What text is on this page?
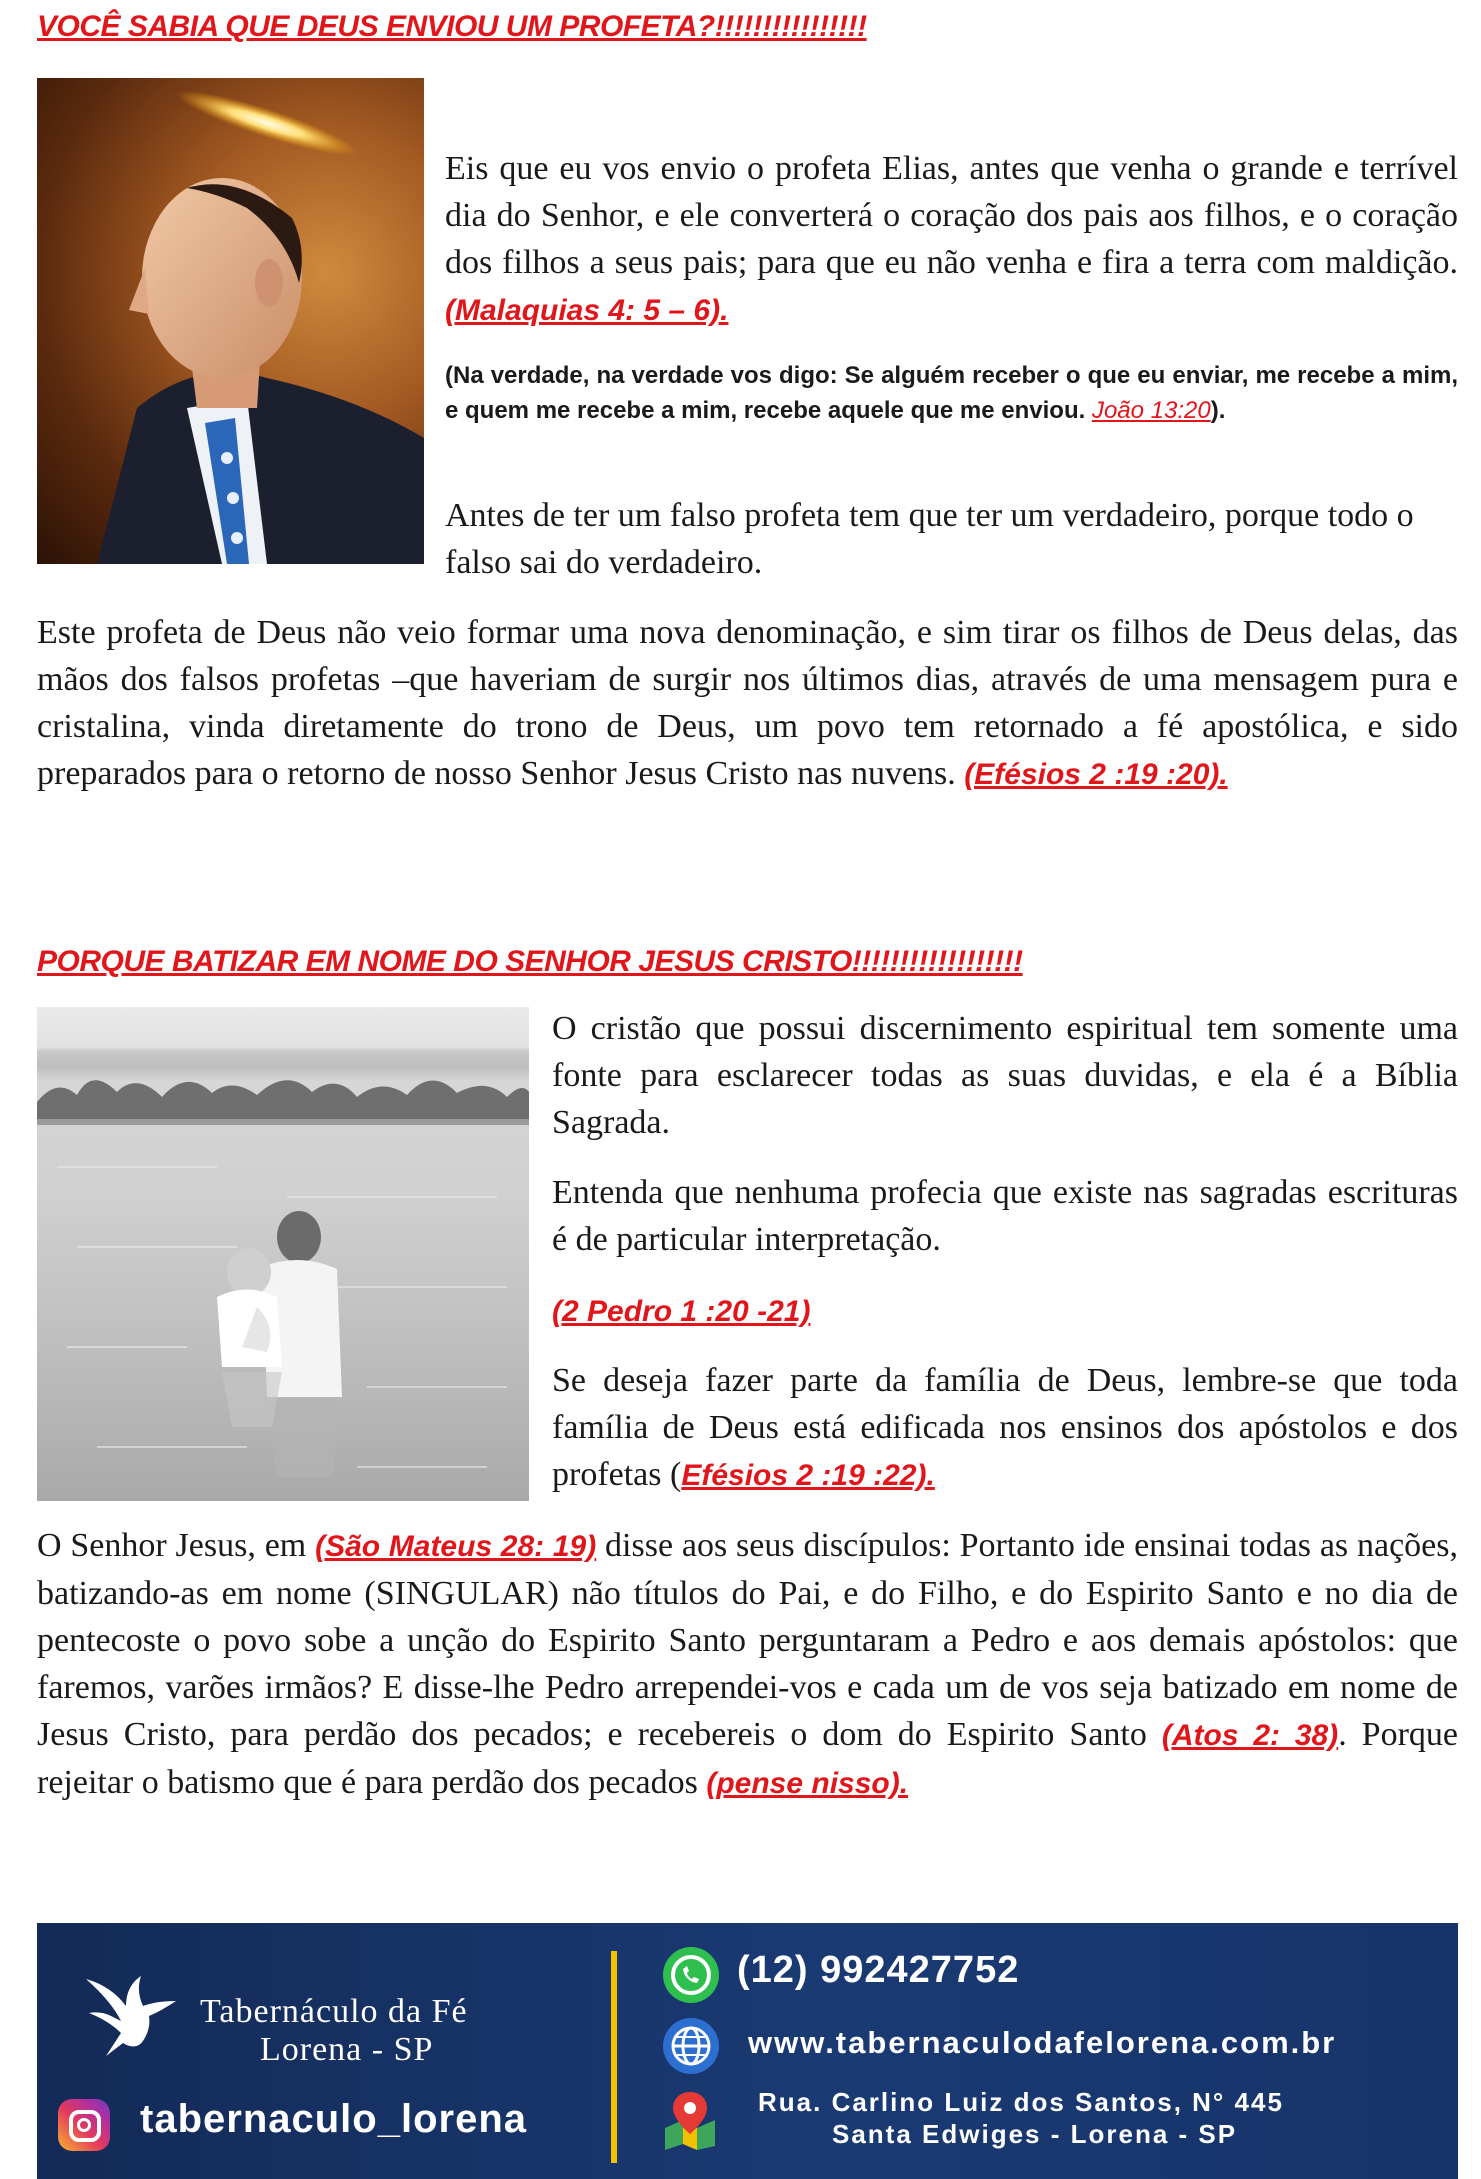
VOCÊ SABIA QUE DEUS ENVIOU UM PROFETA?!!!!!!!!!!!!!!!!

Eis que eu vos envio o profeta Elias, antes que venha o grande e terrível dia do Senhor, e ele converterá o coração dos pais aos filhos, e o coração dos filhos a seus pais; para que eu não venha e fira a terra com maldição. (Malaquias 4: 5 – 6).

(Na verdade, na verdade vos digo: Se alguém receber o que eu enviar, me recebe a mim, e quem me recebe a mim, recebe aquele que me enviou. João 13:20).

Antes de ter um falso profeta tem que ter um verdadeiro, porque todo o falso sai do verdadeiro.

Este profeta de Deus não veio formar uma nova denominação, e sim tirar os filhos de Deus delas, das mãos dos falsos profetas –que haveriam de surgir nos últimos dias, através de uma mensagem pura e cristalina, vinda diretamente do trono de Deus, um povo tem retornado a fé apostólica, e sido preparados para o retorno de nosso Senhor Jesus Cristo nas nuvens. (Efésios 2 :19 :20).

PORQUE BATIZAR EM NOME DO SENHOR JESUS CRISTO!!!!!!!!!!!!!!!!!!

O cristão que possui discernimento espiritual tem somente uma fonte para esclarecer todas as suas duvidas, e ela é a Bíblia Sagrada.

Entenda que nenhuma profecia que existe nas sagradas escrituras é de particular interpretação.

(2 Pedro 1 :20 -21)

Se deseja fazer parte da família de Deus, lembre-se que toda família de Deus está edificada nos ensinos dos apóstolos e dos profetas (Efésios 2 :19 :22).

O Senhor Jesus, em (São Mateus 28: 19) disse aos seus discípulos: Portanto ide ensinai todas as nações, batizando-as em nome (SINGULAR) não títulos do Pai, e do Filho, e do Espirito Santo e no dia de pentecoste o povo sobe a unção do Espirito Santo perguntaram a Pedro e aos demais apóstolos: que faremos, varões irmãos? E disse-lhe Pedro arrependei-vos e cada um de vos seja batizado em nome de Jesus Cristo, para perdão dos pecados; e recebereis o dom do Espirito Santo (Atos 2: 38). Porque rejeitar o batismo que é para perdão dos pecados (pense nisso).

Tabernáculo da Fé
Lorena - SP
tabernaculo_lorena
(12) 992427752
www.tabernaculodafelorena.com.br
Rua. Carlino Luiz dos Santos, N° 445
Santa Edwiges - Lorena - SP
